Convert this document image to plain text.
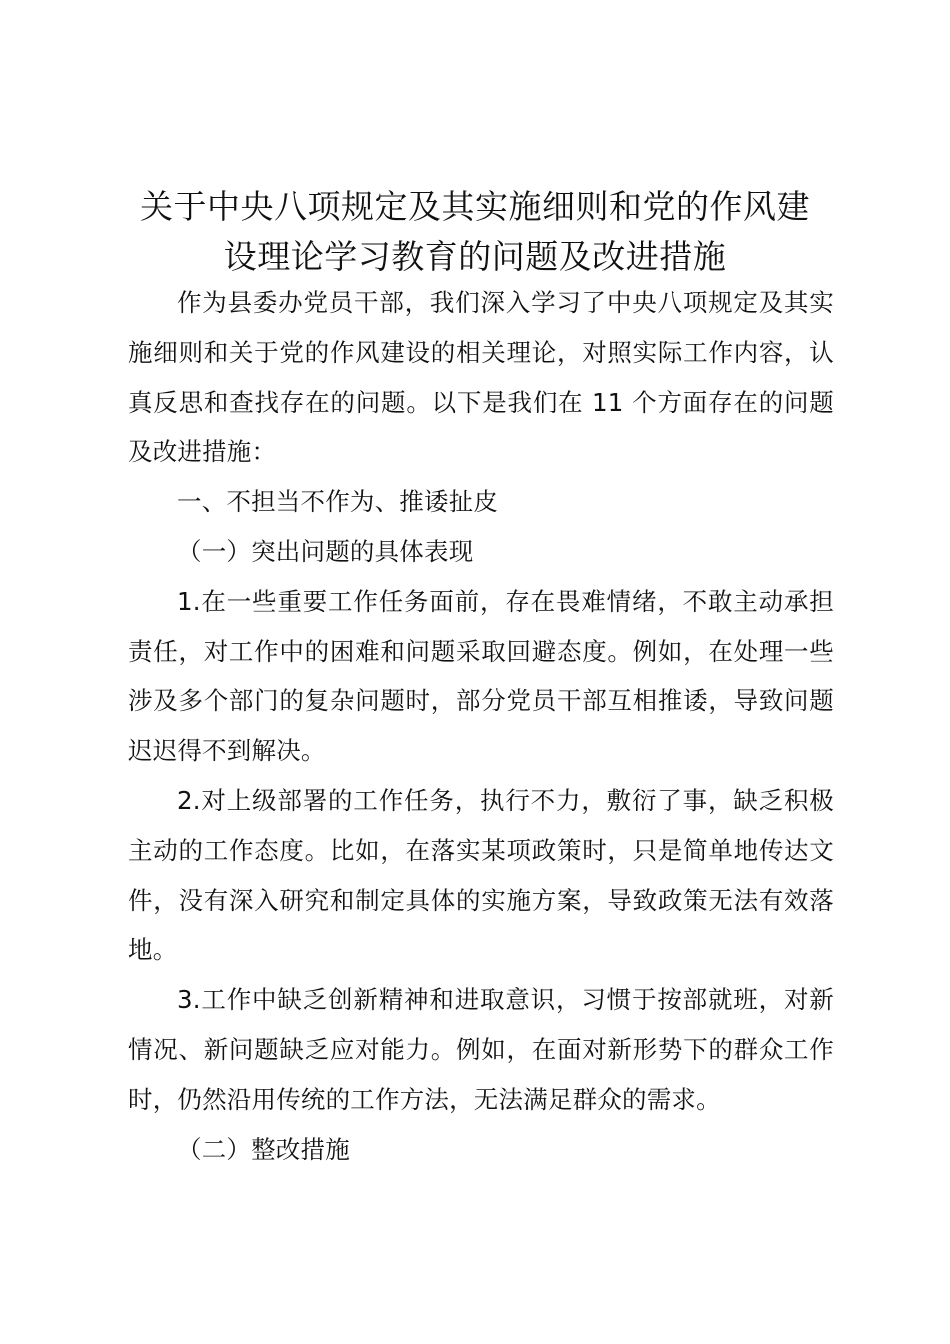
关于中央八项规定及其实施细则和党的作风建
设理论学习教育的问题及改进措施

作为县委办党员干部，我们深入学习了中央八项规定及其实施细则和关于党的作风建设的相关理论，对照实际工作内容，认真反思和查找存在的问题。以下是我们在 11 个方面存在的问题及改进措施：

一、不担当不作为、推诿扯皮

（一）突出问题的具体表现

1.在一些重要工作任务面前，存在畏难情绪，不敢主动承担责任，对工作中的困难和问题采取回避态度。例如，在处理一些涉及多个部门的复杂问题时，部分党员干部互相推诿，导致问题迟迟得不到解决。

2.对上级部署的工作任务，执行不力，敷衍了事，缺乏积极主动的工作态度。比如，在落实某项政策时，只是简单地传达文件，没有深入研究和制定具体的实施方案，导致政策无法有效落地。

3.工作中缺乏创新精神和进取意识，习惯于按部就班，对新情况、新问题缺乏应对能力。例如，在面对新形势下的群众工作时，仍然沿用传统的工作方法，无法满足群众的需求。

（二）整改措施
